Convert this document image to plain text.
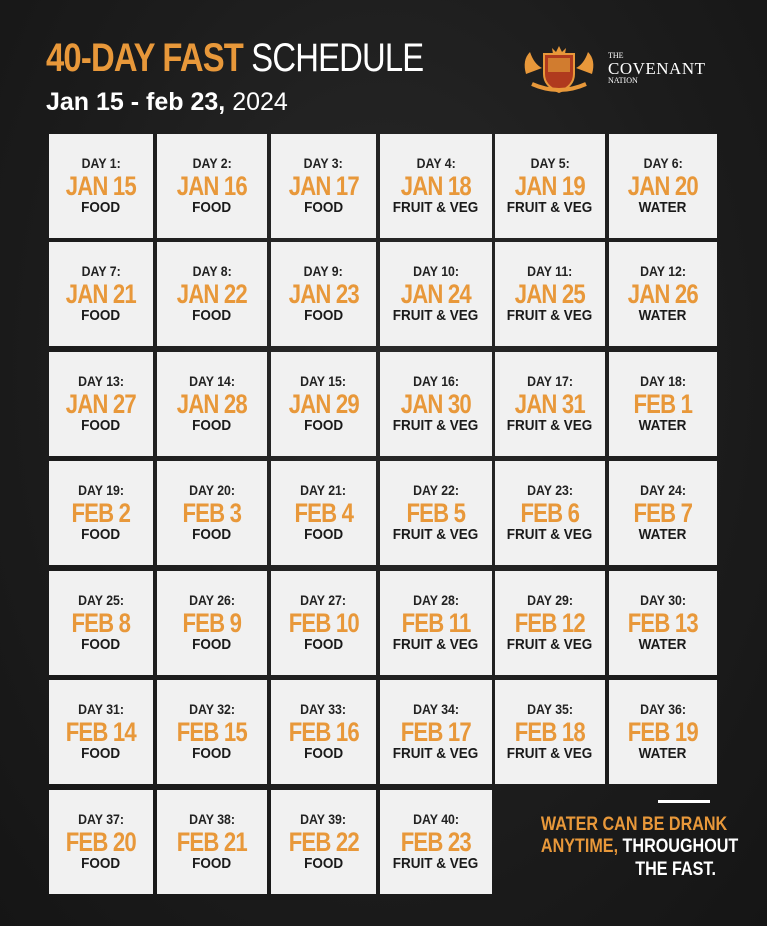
40-DAY FAST SCHEDULE
Jan 15 - feb 23, 2024
THE
COVENANT
NATION
DAY 1:
JAN 15
FOOD
DAY 2:
JAN 16
FOOD
DAY 3:
JAN 17
FOOD
DAY 4:
JAN 18
FRUIT & VEG
DAY 5:
JAN 19
FRUIT & VEG
DAY 6:
JAN 20
WATER
DAY 7:
JAN 21
FOOD
DAY 8:
JAN 22
FOOD
DAY 9:
JAN 23
FOOD
DAY 10:
JAN 24
FRUIT & VEG
DAY 11:
JAN 25
FRUIT & VEG
DAY 12:
JAN 26
WATER
DAY 13:
JAN 27
FOOD
DAY 14:
JAN 28
FOOD
DAY 15:
JAN 29
FOOD
DAY 16:
JAN 30
FRUIT & VEG
DAY 17:
JAN 31
FRUIT & VEG
DAY 18:
FEB 1
WATER
DAY 19:
FEB 2
FOOD
DAY 20:
FEB 3
FOOD
DAY 21:
FEB 4
FOOD
DAY 22:
FEB 5
FRUIT & VEG
DAY 23:
FEB 6
FRUIT & VEG
DAY 24:
FEB 7
WATER
DAY 25:
FEB 8
FOOD
DAY 26:
FEB 9
FOOD
DAY 27:
FEB 10
FOOD
DAY 28:
FEB 11
FRUIT & VEG
DAY 29:
FEB 12
FRUIT & VEG
DAY 30:
FEB 13
WATER
DAY 31:
FEB 14
FOOD
DAY 32:
FEB 15
FOOD
DAY 33:
FEB 16
FOOD
DAY 34:
FEB 17
FRUIT & VEG
DAY 35:
FEB 18
FRUIT & VEG
DAY 36:
FEB 19
WATER
DAY 37:
FEB 20
FOOD
DAY 38:
FEB 21
FOOD
DAY 39:
FEB 22
FOOD
DAY 40:
FEB 23
FRUIT & VEG
WATER CAN BE DRANK
ANYTIME, THROUGHOUT
THE FAST.
